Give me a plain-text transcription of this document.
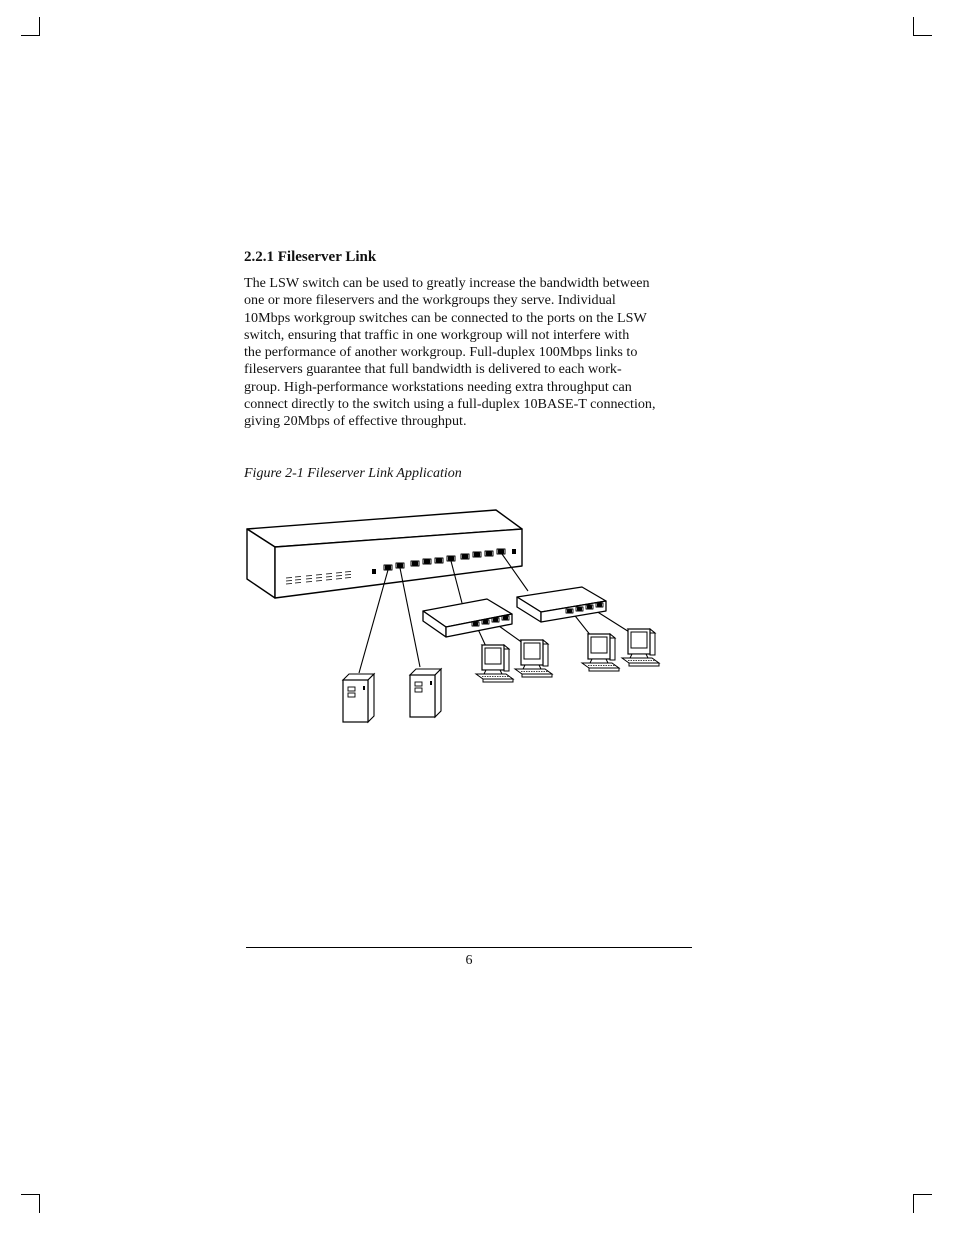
2.2.1 Fileserver Link

The LSW switch can be used to greatly increase the bandwidth between
one or more fileservers and the workgroups they serve. Individual
10Mbps workgroup switches can be connected to the ports on the LSW
switch, ensuring that traffic in one workgroup will not interfere with
the performance of another workgroup. Full-duplex 100Mbps links to
fileservers guarantee that full bandwidth is delivered to each work-
group. High-performance workstations needing extra throughput can
connect directly to the switch using a full-duplex 10BASE-T connection,
giving 20Mbps of effective throughput.

Figure 2-1 Fileserver Link Application

6
